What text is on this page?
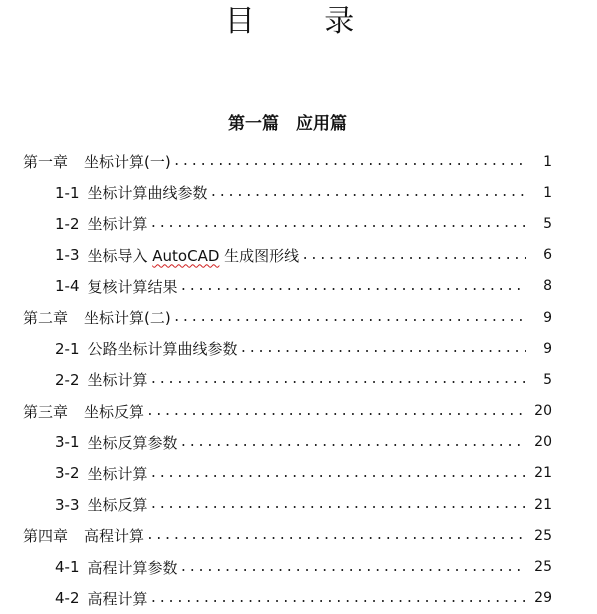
目 录
第一篇　应用篇
第一章 坐标计算(一) .....	1
1-1 坐标计算曲线参数 .....	1
1-2 坐标计算 .....	5
1-3 坐标导入 AutoCAD 生成图形线 .....	6
1-4 复核计算结果 .....	8
第二章 坐标计算(二) .....	9
2-1 公路坐标计算曲线参数 .....	9
2-2 坐标计算 .....	5
第三章 坐标反算 .....	20
3-1 坐标反算参数 .....	20
3-2 坐标计算 .....	21
3-3 坐标反算 .....	21
第四章 高程计算 .....	25
4-1 高程计算参数 .....	25
4-2 高程计算 .....	29
